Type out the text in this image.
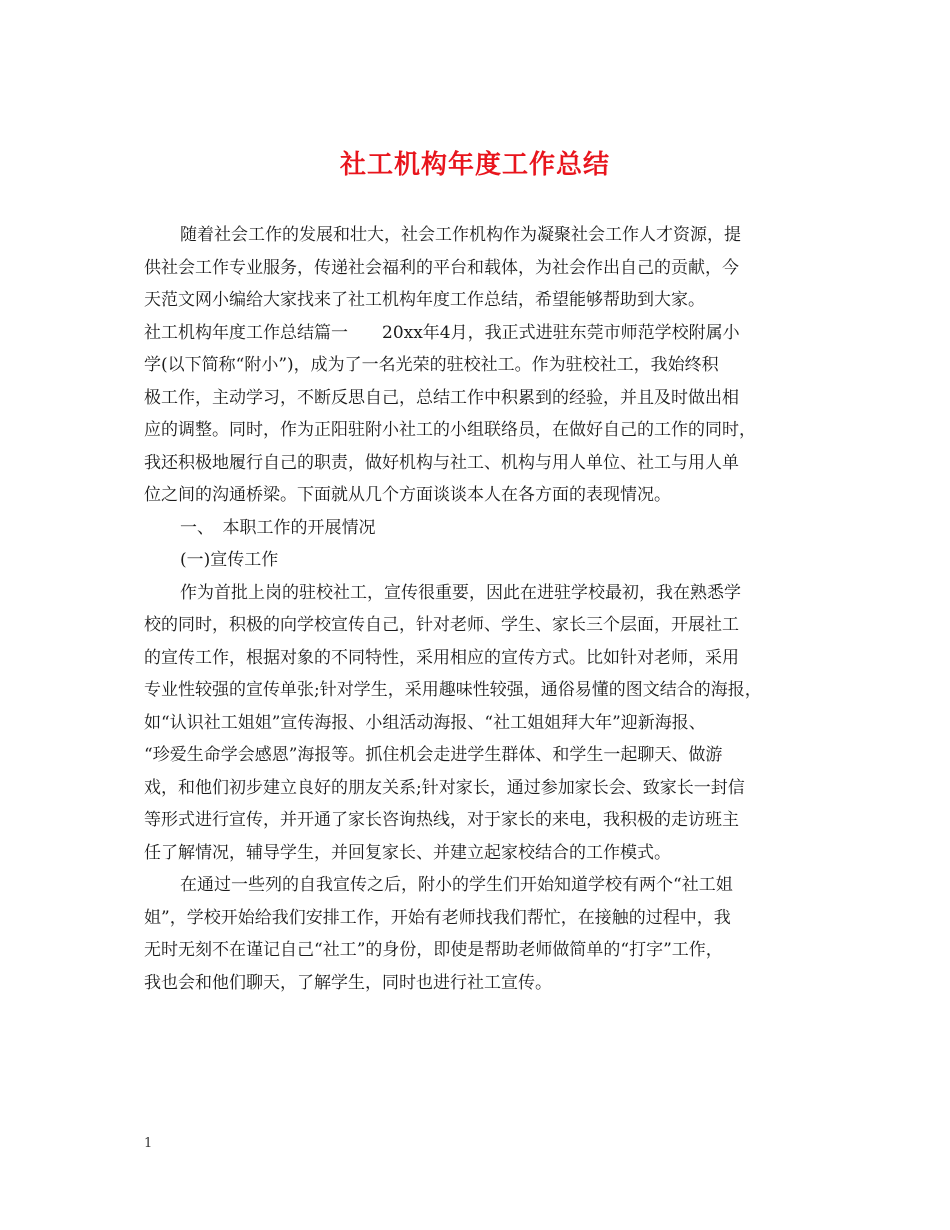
社工机构年度工作总结
随着社会工作的发展和壮大，社会工作机构作为凝聚社会工作人才资源，提
供社会工作专业服务，传递社会福利的平台和载体，为社会作出自己的贡献，今
天范文网小编给大家找来了社工机构年度工作总结，希望能够帮助到大家。
社工机构年度工作总结篇一　　20xx年4月，我正式进驻东莞市师范学校附属小
学(以下简称“附小”)，成为了一名光荣的驻校社工。作为驻校社工，我始终积
极工作，主动学习，不断反思自己，总结工作中积累到的经验，并且及时做出相
应的调整。同时，作为正阳驻附小社工的小组联络员，在做好自己的工作的同时，
我还积极地履行自己的职责，做好机构与社工、机构与用人单位、社工与用人单
位之间的沟通桥梁。下面就从几个方面谈谈本人在各方面的表现情况。
一、　本职工作的开展情况
(一)宣传工作
作为首批上岗的驻校社工，宣传很重要，因此在进驻学校最初，我在熟悉学
校的同时，积极的向学校宣传自己，针对老师、学生、家长三个层面，开展社工
的宣传工作，根据对象的不同特性，采用相应的宣传方式。比如针对老师，采用
专业性较强的宣传单张;针对学生，采用趣味性较强，通俗易懂的图文结合的海报，
如“认识社工姐姐”宣传海报、小组活动海报、“社工姐姐拜大年”迎新海报、
“珍爱生命学会感恩”海报等。抓住机会走进学生群体、和学生一起聊天、做游
戏，和他们初步建立良好的朋友关系;针对家长，通过参加家长会、致家长一封信
等形式进行宣传，并开通了家长咨询热线，对于家长的来电，我积极的走访班主
任了解情况，辅导学生，并回复家长、并建立起家校结合的工作模式。
在通过一些列的自我宣传之后，附小的学生们开始知道学校有两个“社工姐
姐”，学校开始给我们安排工作，开始有老师找我们帮忙，在接触的过程中，我
无时无刻不在谨记自己“社工”的身份，即使是帮助老师做简单的“打字”工作，
我也会和他们聊天，了解学生，同时也进行社工宣传。
1
